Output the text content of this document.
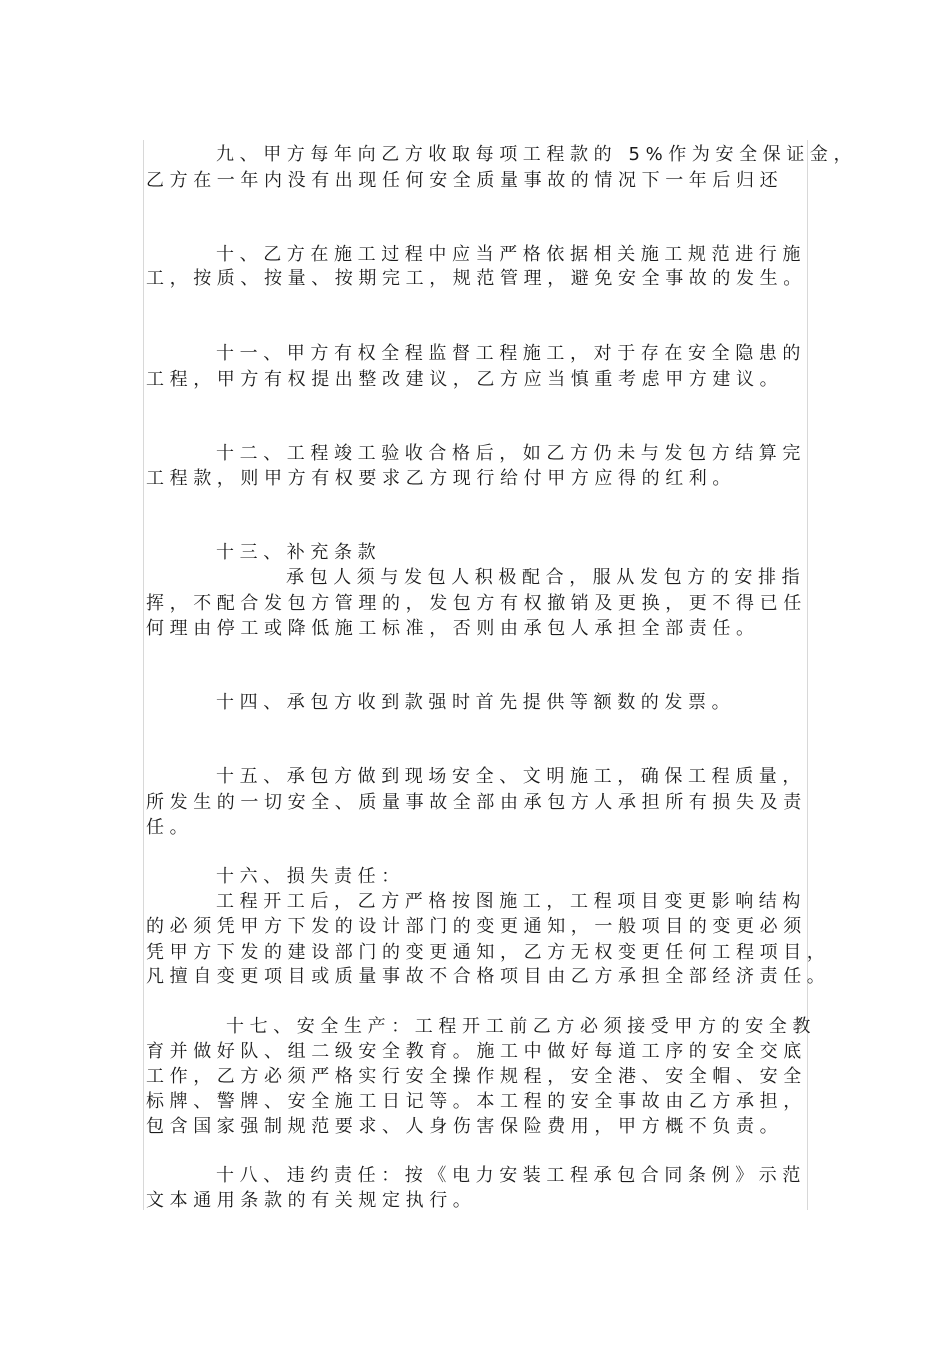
九、甲方每年向乙方收取每项工程款的 5%作为安全保证金，
乙方在一年内没有出现任何安全质量事故的情况下一年后归还
十、乙方在施工过程中应当严格依据相关施工规范进行施
工，按质、按量、按期完工，规范管理，避免安全事故的发生。
十一、甲方有权全程监督工程施工，对于存在安全隐患的
工程，甲方有权提出整改建议，乙方应当慎重考虑甲方建议。
十二、工程竣工验收合格后，如乙方仍未与发包方结算完
工程款，则甲方有权要求乙方现行给付甲方应得的红利。
十三、补充条款
承包人须与发包人积极配合，服从发包方的安排指
挥，不配合发包方管理的，发包方有权撤销及更换，更不得已任
何理由停工或降低施工标准，否则由承包人承担全部责任。
十四、承包方收到款强时首先提供等额数的发票。
十五、承包方做到现场安全、文明施工，确保工程质量，
所发生的一切安全、质量事故全部由承包方人承担所有损失及责
任。
十六、损失责任：
工程开工后，乙方严格按图施工，工程项目变更影响结构
的必须凭甲方下发的设计部门的变更通知，一般项目的变更必须
凭甲方下发的建设部门的变更通知，乙方无权变更任何工程项目，
凡擅自变更项目或质量事故不合格项目由乙方承担全部经济责任。
十七、安全生产：工程开工前乙方必须接受甲方的安全教
育并做好队、组二级安全教育。施工中做好每道工序的安全交底
工作，乙方必须严格实行安全操作规程，安全港、安全帽、安全
标牌、警牌、安全施工日记等。本工程的安全事故由乙方承担，
包含国家强制规范要求、人身伤害保险费用，甲方概不负责。
十八、违约责任：按《电力安装工程承包合同条例》示范
文本通用条款的有关规定执行。
